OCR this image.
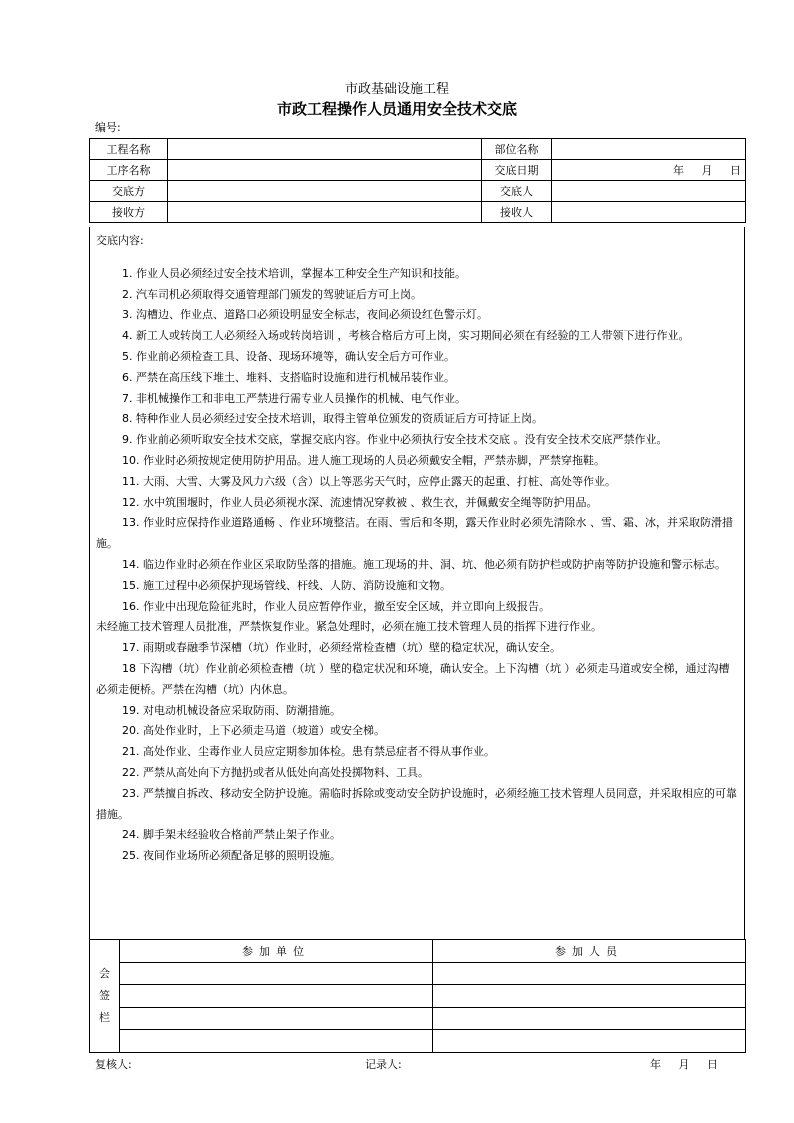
市政基础设施工程
市政工程操作人员通用安全技术交底
编号:
工程名称		部位名称	
工序名称		交底日期	年 月 日
交底方		交底人	
接收方		接收人	
交底内容:

1. 作业人员必须经过安全技术培训，掌握本工种安全生产知识和技能。

2. 汽车司机必须取得交通管理部门颁发的驾驶证后方可上岗。

3. 沟槽边、作业点、道路口必须设明显安全标志，夜间必须设红色警示灯。

4. 新工人或转岗工人必须经入场或转岗培训 ，考核合格后方可上岗，实习期间必须在有经验的工人带领下进行作业。

5. 作业前必须检查工具、设备、现场环境等，确认安全后方可作业。

6. 严禁在高压线下堆土、堆料、支搭临时设施和进行机械吊装作业。

7. 非机械操作工和非电工严禁进行需专业人员操作的机械、电气作业。

8. 特种作业人员必须经过安全技术培训，取得主管单位颁发的资质证后方可持证上岗。

9. 作业前必须听取安全技术交底，掌握交底内容。作业中必须执行安全技术交底 。没有安全技术交底严禁作业。

10. 作业时必须按规定使用防护用品。进人施工现场的人员必须戴安全帽，严禁赤脚，严禁穿拖鞋。

11. 大雨、大雪、大雾及风力六级（含）以上等恶劣天气时，应停止露天的起重、打桩、高处等作业。

12. 水中筑围堰时，作业人员必须视水深、流速情况穿救被 、救生衣，并佩戴安全绳等防护用品。

13. 作业时应保持作业道路通畅 、作业环境整洁。在雨、雪后和冬期，露天作业时必须先清除水 、雪、霜、冰，并采取防滑措施。

14. 临边作业时必须在作业区采取防坠落的措施。施工现场的井、洞、坑、他必须有防护栏或防护南等防护设施和警示标志。

15. 施工过程中必须保护现场管线、杆线、人防、消防设施和文物。

16. 作业中出现危险征兆时，作业人员应暂停作业，撤至安全区域，并立即向上级报告。

未经施工技术管理人员批准，严禁恢复作业。紧急处理时，必须在施工技术管理人员的指挥下进行作业。

17. 雨期或春融季节深槽（坑）作业时，必须经常检查槽（坑）壁的稳定状况，确认安全。

18 下沟槽（坑）作业前必须检查槽（坑 ）壁的稳定状况和环境，确认安全。上下沟槽（坑 ）必须走马道或安全梯，通过沟槽必须走便桥。严禁在沟槽（坑）内休息。

19. 对电动机械设备应采取防雨、防潮措施。

20. 高处作业时，上下必须走马道（坡道）或安全梯。

21. 高处作业、尘毒作业人员应定期参加体检。患有禁忌症者不得从事作业。

22. 严禁从高处向下方抛扔或者从低处向高处投掷物料、工具。

23. 严禁擅自拆改、移动安全防护设施。需临时拆除或变动安全防护设施时，必须经施工技术管理人员同意，并采取相应的可靠措施。

24. 脚手架未经验收合格前严禁止架子作业。

25. 夜间作业场所必须配备足够的照明设施。

会
签
栏	参加单位	参加人员

复核人:	记录人:	年 月 日
